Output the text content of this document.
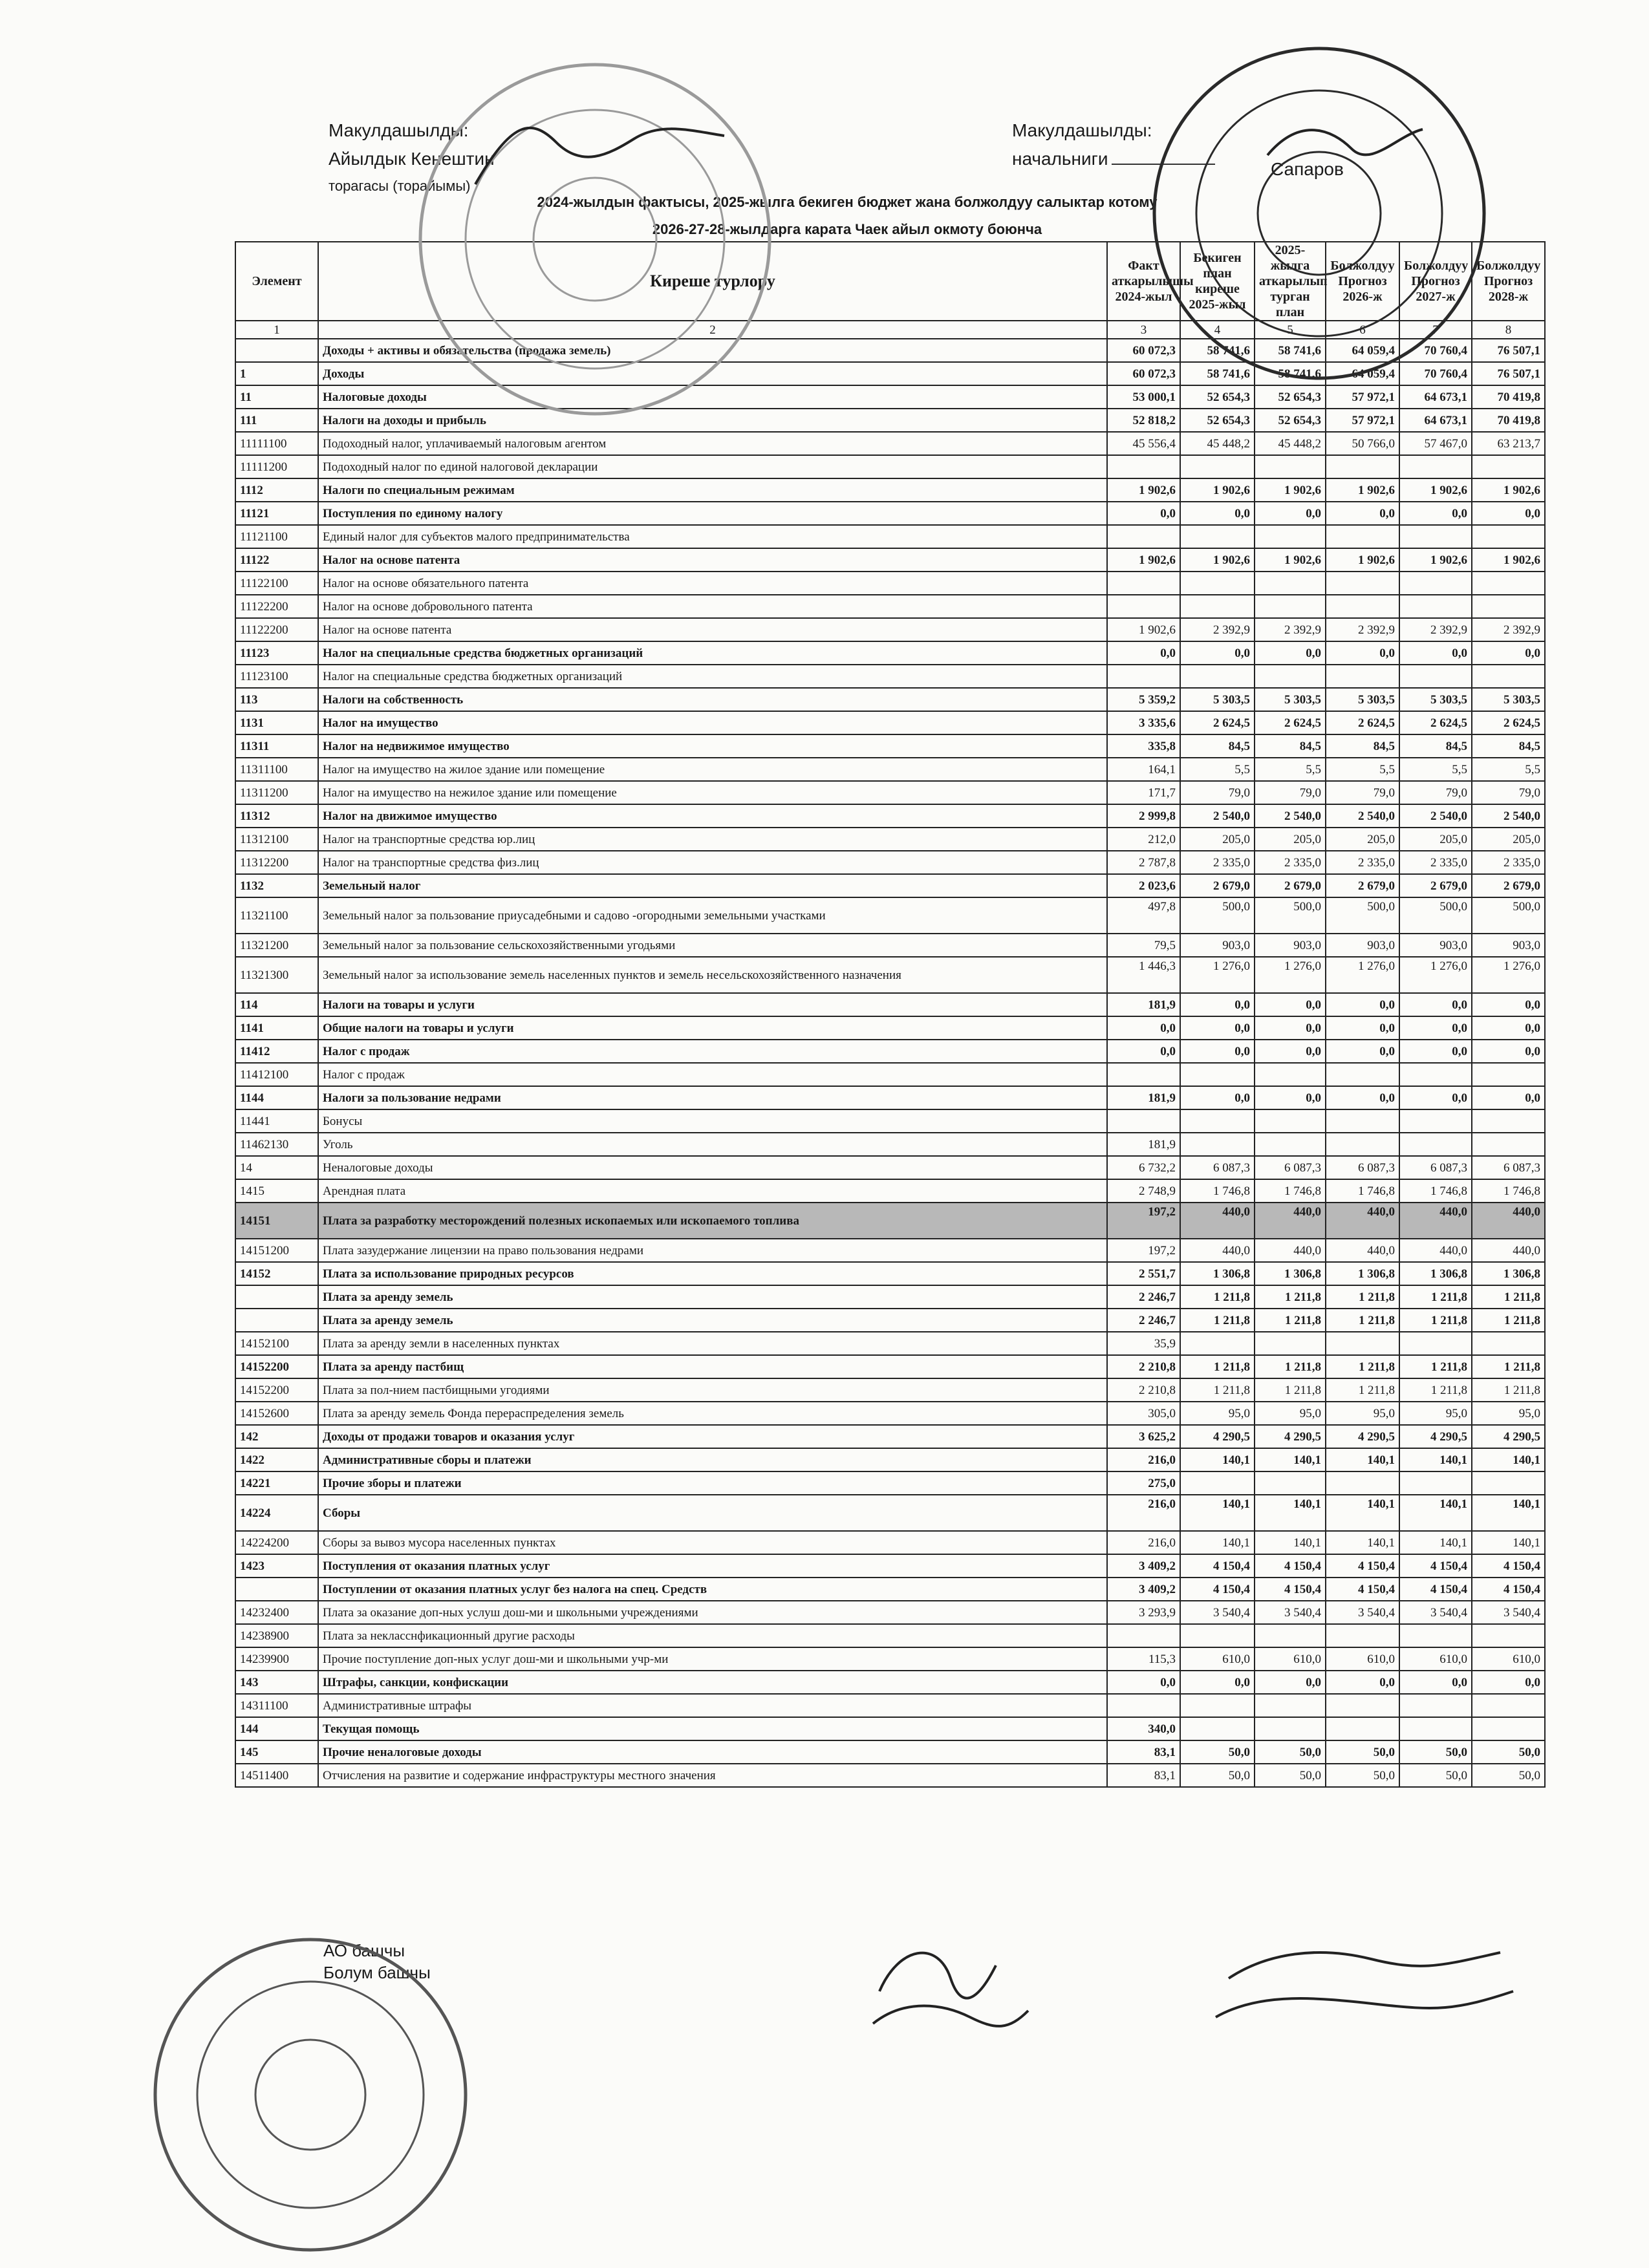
Макулдашылды:
Айылдык Кенештин
торагасы (торайымы)
Макулдашылды:
начальниги
Сапаров
2024-жылдын фактысы, 2025-жылга бекиген бюджет жана болжолдуу салыктар котому
2026-27-28-жылдарга карата Чаек айыл окмоту боюнча
Элемент	Киреше турлору	Факт аткарылышы 2024-жыл	Бекиген план киреше 2025-жыл	2025-жылга аткарылып турган план	Болжолдуу Прогноз 2026-ж	Болжолдуу Прогноз 2027-ж	Болжолдуу Прогноз 2028-ж
1	2	3	4	5	6	7	8
	Доходы + активы и обязательства (продажа земель)	60 072,3	58 741,6	58 741,6	64 059,4	70 760,4	76 507,1
1	Доходы	60 072,3	58 741,6	58 741,6	64 059,4	70 760,4	76 507,1
11	Налоговые доходы	53 000,1	52 654,3	52 654,3	57 972,1	64 673,1	70 419,8
111	Налоги на доходы и прибыль	52 818,2	52 654,3	52 654,3	57 972,1	64 673,1	70 419,8
11111100	Подоходный налог, уплачиваемый налоговым агентом	45 556,4	45 448,2	45 448,2	50 766,0	57 467,0	63 213,7
11111200	Подоходный налог по единой налоговой декларации						
1112	Налоги по специальным режимам	1 902,6	1 902,6	1 902,6	1 902,6	1 902,6	1 902,6
11121	Поступления по единому налогу	0,0	0,0	0,0	0,0	0,0	0,0
11121100	Единый налог для субъектов малого предпринимательства						
11122	Налог на основе патента	1 902,6	1 902,6	1 902,6	1 902,6	1 902,6	1 902,6
11122100	Налог на основе обязательного патента						
11122200	Налог на основе добровольного патента						
11122200	Налог на основе патента	1 902,6	2 392,9	2 392,9	2 392,9	2 392,9	2 392,9
11123	Налог на специальные средства бюджетных организаций	0,0	0,0	0,0	0,0	0,0	0,0
11123100	Налог на специальные средства бюджетных организаций						
113	Налоги на собственность	5 359,2	5 303,5	5 303,5	5 303,5	5 303,5	5 303,5
1131	Налог на имущество	3 335,6	2 624,5	2 624,5	2 624,5	2 624,5	2 624,5
11311	Налог на недвижимое имущество	335,8	84,5	84,5	84,5	84,5	84,5
11311100	Налог на имущество на жилое здание или помещение	164,1	5,5	5,5	5,5	5,5	5,5
11311200	Налог на имущество на нежилое здание или помещение	171,7	79,0	79,0	79,0	79,0	79,0
11312	Налог на движимое имущество	2 999,8	2 540,0	2 540,0	2 540,0	2 540,0	2 540,0
11312100	Налог на транспортные средства юр.лиц	212,0	205,0	205,0	205,0	205,0	205,0
11312200	Налог на транспортные средства физ.лиц	2 787,8	2 335,0	2 335,0	2 335,0	2 335,0	2 335,0
1132	Земельный налог	2 023,6	2 679,0	2 679,0	2 679,0	2 679,0	2 679,0
11321100	Земельный налог за пользование приусадебными и садово -огородными земельными участками	497,8	500,0	500,0	500,0	500,0	500,0
11321200	Земельный налог за пользование сельскохозяйственными угодьями	79,5	903,0	903,0	903,0	903,0	903,0
11321300	Земельный налог за использование земель населенных пунктов и земель несельскохозяйственного назначения	1 446,3	1 276,0	1 276,0	1 276,0	1 276,0	1 276,0
114	Налоги на товары и услуги	181,9	0,0	0,0	0,0	0,0	0,0
1141	Общие налоги на товары и услуги	0,0	0,0	0,0	0,0	0,0	0,0
11412	Налог с продаж	0,0	0,0	0,0	0,0	0,0	0,0
11412100	Налог с продаж						
1144	Налоги за пользование недрами	181,9	0,0	0,0	0,0	0,0	0,0
11441	Бонусы						
11462130	Уголь	181,9					
14	Неналоговые доходы	6 732,2	6 087,3	6 087,3	6 087,3	6 087,3	6 087,3
1415	Арендная плата	2 748,9	1 746,8	1 746,8	1 746,8	1 746,8	1 746,8
14151	Плата за разработку месторождений полезных ископаемых или ископаемого топлива	197,2	440,0	440,0	440,0	440,0	440,0
14151200	Плата зазудержание лицензии на право пользования недрами	197,2	440,0	440,0	440,0	440,0	440,0
14152	Плата за использование природных ресурсов	2 551,7	1 306,8	1 306,8	1 306,8	1 306,8	1 306,8
	Плата за аренду земель	2 246,7	1 211,8	1 211,8	1 211,8	1 211,8	1 211,8
	Плата за аренду земель	2 246,7	1 211,8	1 211,8	1 211,8	1 211,8	1 211,8
14152100	Плата за аренду земли в населенных пунктах	35,9					
14152200	Плата за аренду пастбищ	2 210,8	1 211,8	1 211,8	1 211,8	1 211,8	1 211,8
14152200	Плата за пол-нием пастбищными угодиями	2 210,8	1 211,8	1 211,8	1 211,8	1 211,8	1 211,8
14152600	Плата за аренду земель Фонда перераспределения земель	305,0	95,0	95,0	95,0	95,0	95,0
142	Доходы от продажи товаров и оказания услуг	3 625,2	4 290,5	4 290,5	4 290,5	4 290,5	4 290,5
1422	Административные сборы и платежи	216,0	140,1	140,1	140,1	140,1	140,1
14221	Прочие зборы и платежи	275,0					
14224	Сборы	216,0	140,1	140,1	140,1	140,1	140,1
14224200	Сборы за вывоз мусора населенных пунктах	216,0	140,1	140,1	140,1	140,1	140,1
1423	Поступления от оказания платных услуг	3 409,2	4 150,4	4 150,4	4 150,4	4 150,4	4 150,4
	Поступлении от оказания платных услуг без налога на спец. Средств	3 409,2	4 150,4	4 150,4	4 150,4	4 150,4	4 150,4
14232400	Плата за оказание доп-ных услуш дош-ми и школьными учреждениями	3 293,9	3 540,4	3 540,4	3 540,4	3 540,4	3 540,4
14238900	Плата за некласснфикационный другие расходы						
14239900	Прочие поступление доп-ных услуг дош-ми и школьными учр-ми	115,3	610,0	610,0	610,0	610,0	610,0
143	Штрафы, санкции, конфискации	0,0	0,0	0,0	0,0	0,0	0,0
14311100	Административные штрафы						
144	Текущая помощь	340,0					
145	Прочие неналоговые доходы	83,1	50,0	50,0	50,0	50,0	50,0
14511400	Отчисления на развитие и содержание инфраструктуры местного значения	83,1	50,0	50,0	50,0	50,0	50,0
АО башчы
Болум башчы
